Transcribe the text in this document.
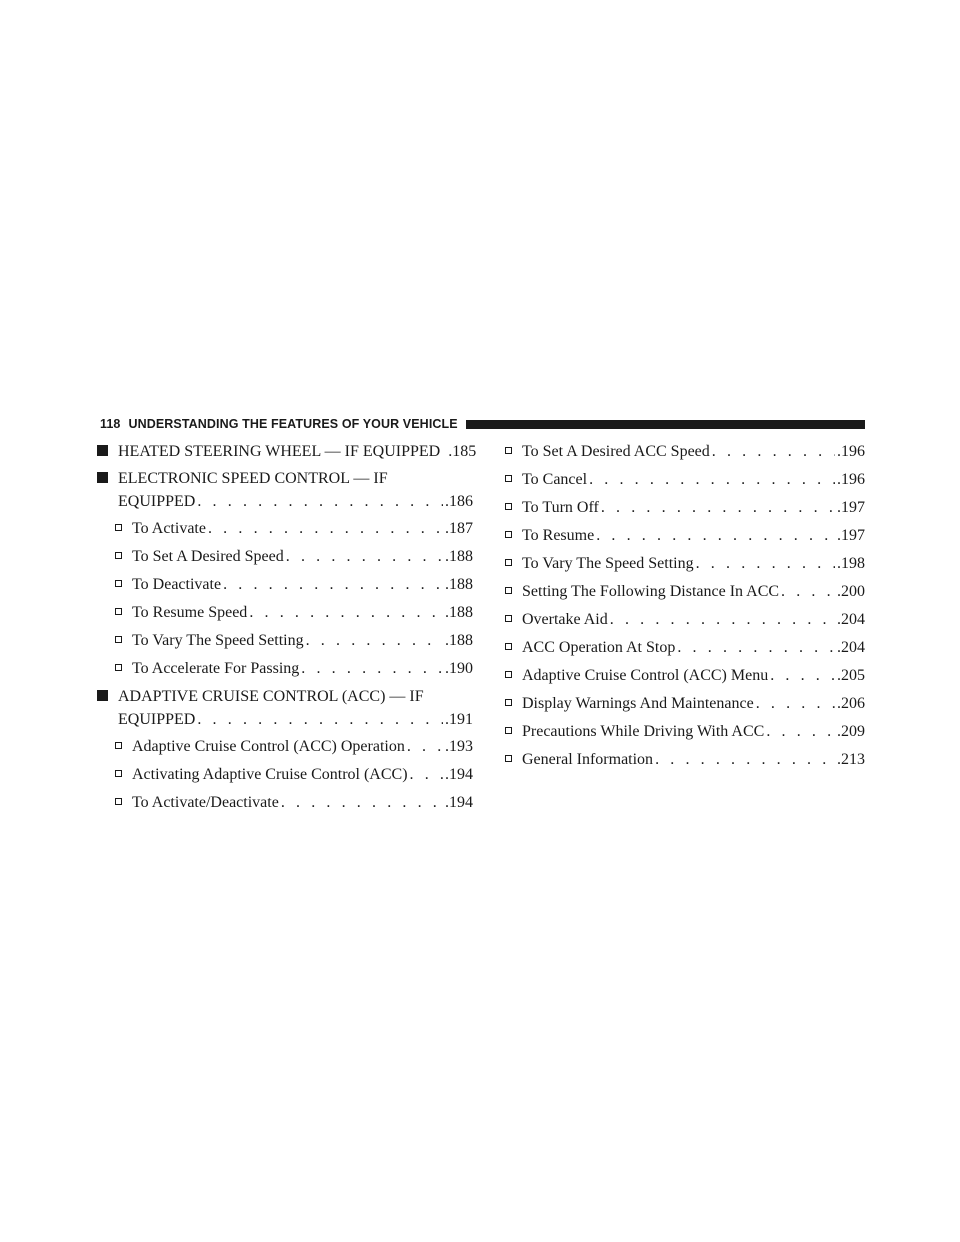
118 UNDERSTANDING THE FEATURES OF YOUR VEHICLE
HEATED STEERING WHEEL — IF EQUIPPED .185
ELECTRONIC SPEED CONTROL — IF
EQUIPPED . . .	.186
To Activate . . .	.187
To Set A Desired Speed . . .	.188
To Deactivate . . .	.188
To Resume Speed . . .	.188
To Vary The Speed Setting . . .	.188
To Accelerate For Passing . . .	.190
ADAPTIVE CRUISE CONTROL (ACC) — IF
EQUIPPED . . .	.191
Adaptive Cruise Control (ACC) Operation . . .	.193
Activating Adaptive Cruise Control (ACC) . . . .194
To Activate/Deactivate . . .	.194
To Set A Desired ACC Speed . . .	.196
To Cancel . . .	.196
To Turn Off . . .	.197
To Resume . . .	.197
To Vary The Speed Setting . . .	.198
Setting The Following Distance In ACC . . .	.200
Overtake Aid . . .	.204
ACC Operation At Stop . . .	.204
Adaptive Cruise Control (ACC) Menu . . .	.205
Display Warnings And Maintenance . . .	.206
Precautions While Driving With ACC . . .	.209
General Information . . .	.213
